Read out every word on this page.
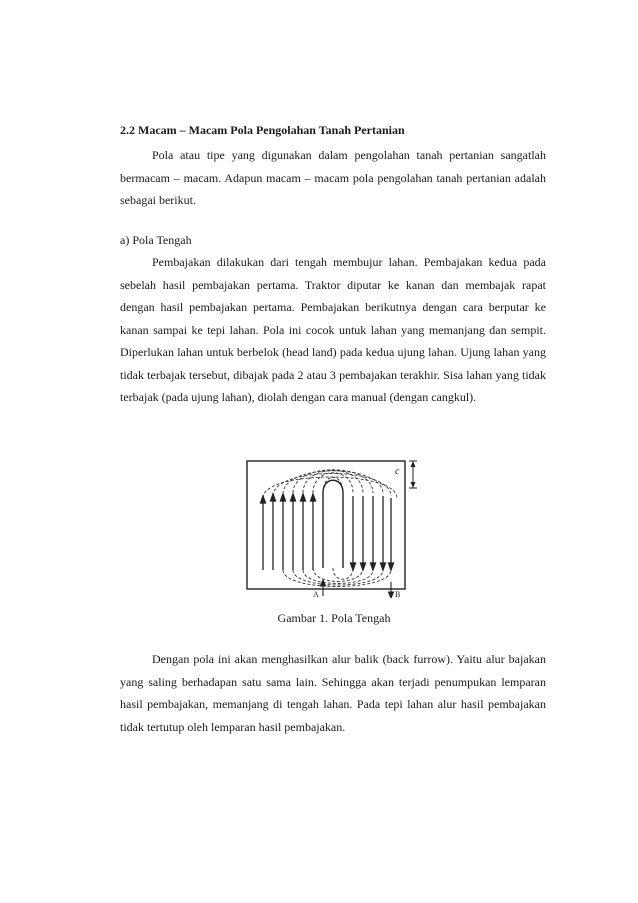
2.2 Macam – Macam Pola Pengolahan Tanah Pertanian

Pola atau tipe yang digunakan dalam pengolahan tanah pertanian sangatlah bermacam – macam. Adapun macam – macam pola pengolahan tanah pertanian adalah sebagai berikut.

a) Pola Tengah

Pembajakan dilakukan dari tengah membujur lahan. Pembajakan kedua pada sebelah hasil pembajakan pertama. Traktor diputar ke kanan dan membajak rapat dengan hasil pembajakan pertama. Pembajakan berikutnya dengan cara berputar ke kanan sampai ke tepi lahan. Pola ini cocok untuk lahan yang memanjang dan sempit. Diperlukan lahan untuk berbelok (head land) pada kedua ujung lahan. Ujung lahan yang tidak terbajak tersebut, dibajak pada 2 atau 3 pembajakan terakhir. Sisa lahan yang tidak terbajak (pada ujung lahan), diolah dengan cara manual (dengan cangkul).

c
A	B
Gambar 1. Pola Tengah

Dengan pola ini akan menghasilkan alur balik (back furrow). Yaitu alur bajakan yang saling berhadapan satu sama lain. Sehingga akan terjadi penumpukan lemparan hasil pembajakan, memanjang di tengah lahan. Pada tepi lahan alur hasil pembajakan tidak tertutup oleh lemparan hasil pembajakan.
